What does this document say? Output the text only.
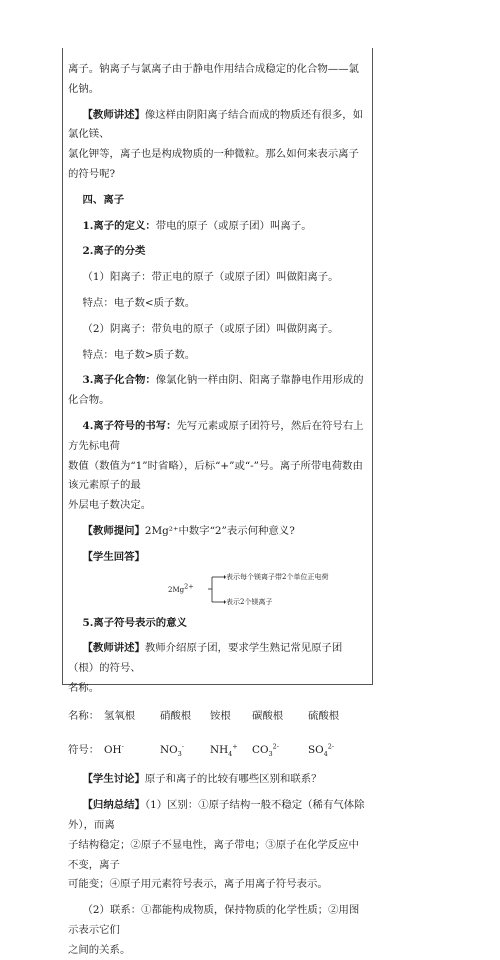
离子。钠离子与氯离子由于静电作用结合成稳定的化合物——氯化钠。

【教师讲述】像这样由阴阳离子结合而成的物质还有很多，如氯化镁、

氯化钾等，离子也是构成物质的一种微粒。那么如何来表示离子的符号呢?

四、离子

1.离子的定义：带电的原子（或原子团）叫离子。

2.离子的分类

（1）阳离子：带正电的原子（或原子团）叫做阳离子。

特点：电子数<质子数。

（2）阴离子：带负电的原子（或原子团）叫做阴离子。

特点：电子数>质子数。

3.离子化合物：像氯化钠一样由阴、阳离子靠静电作用形成的化合物。

4.离子符号的书写：先写元素或原子团符号，然后在符号右上方先标电荷

数值（数值为“1”时省略），后标“+”或“-”号。离子所带电荷数由该元素原子的最

外层电子数决定。

【教师提问】2Mg²⁺中数字“2”表示何种意义?

【学生回答】

$2Mg^{2+}$
表示每个镁离子带2个单位正电荷
表示2个镁离子

5.离子符号表示的意义

【教师讲述】教师介绍原子团，要求学生熟记常见原子团（根）的符号、

名称。

名称： 氢氧根	硝酸根	铵根	碳酸根	硫酸根
符号： OH-	$NO_3^-$	$NH_4^+$	$CO_3^{2-}$	$SO_4^{2-}$

【学生讨论】原子和离子的比较有哪些区别和联系？

【归纳总结】（1）区别：①原子结构一般不稳定（稀有气体除外），而离

子结构稳定；②原子不显电性，离子带电；③原子在化学反应中不变，离子

可能变；④原子用元素符号表示，离子用离子符号表示。

（2）联系：①都能构成物质，保持物质的化学性质；②用图示表示它们

之间的关系。
